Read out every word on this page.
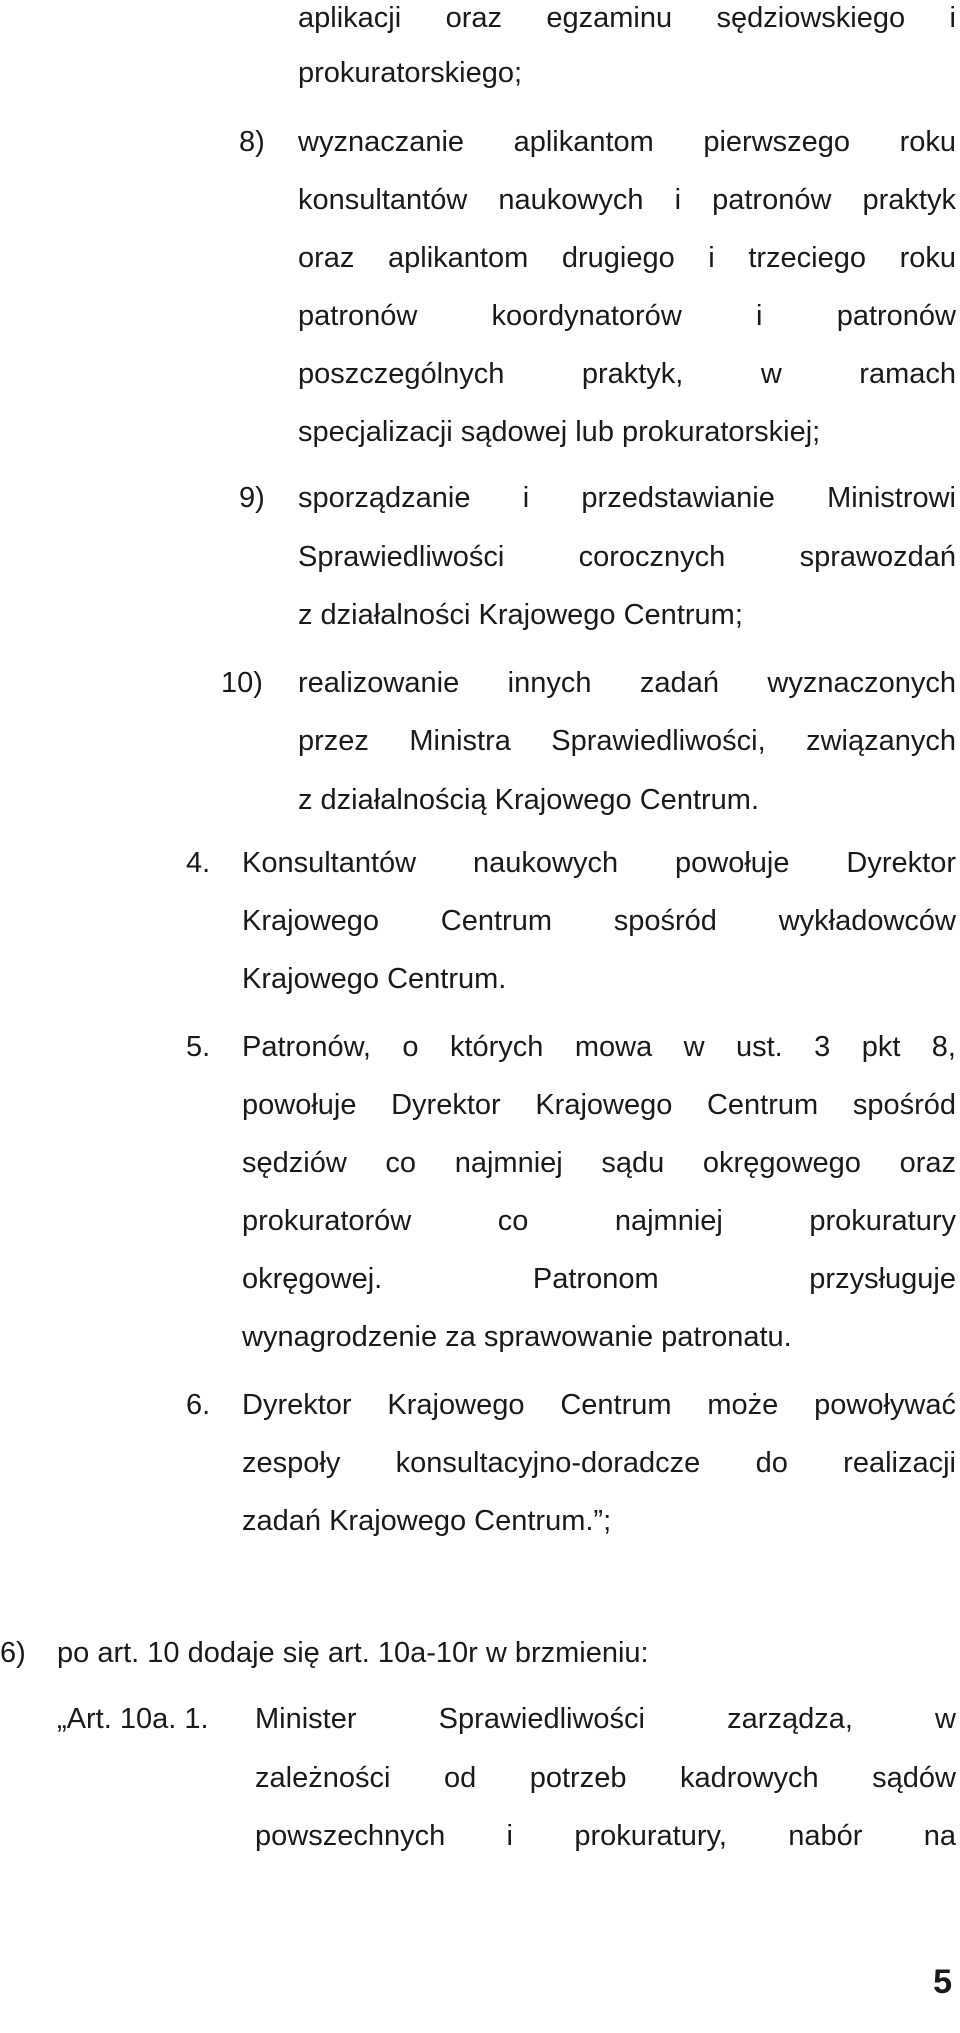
aplikacji oraz egzaminu sędziowskiego i
prokuratorskiego;
8) wyznaczanie aplikantom pierwszego roku
konsultantów naukowych i patronów praktyk
oraz aplikantom drugiego i trzeciego roku
patronów koordynatorów i patronów
poszczególnych praktyk, w ramach
specjalizacji sądowej lub prokuratorskiej;
9) sporządzanie i przedstawianie Ministrowi
Sprawiedliwości corocznych sprawozdań
z działalności Krajowego Centrum;
10) realizowanie innych zadań wyznaczonych
przez Ministra Sprawiedliwości, związanych
z działalnością Krajowego Centrum.
4. Konsultantów naukowych powołuje Dyrektor
Krajowego Centrum spośród wykładowców
Krajowego Centrum.
5. Patronów, o których mowa w ust. 3 pkt 8,
powołuje Dyrektor Krajowego Centrum spośród
sędziów co najmniej sądu okręgowego oraz
prokuratorów co najmniej prokuratury
okręgowej. Patronom przysługuje
wynagrodzenie za sprawowanie patronatu.
6. Dyrektor Krajowego Centrum może powoływać
zespoły konsultacyjno-doradcze do realizacji
zadań Krajowego Centrum.”;
6) po art. 10 dodaje się art. 10a-10r w brzmieniu:
„Art. 10a. 1. Minister Sprawiedliwości zarządza, w
zależności od potrzeb kadrowych sądów
powszechnych i prokuratury, nabór na
5
